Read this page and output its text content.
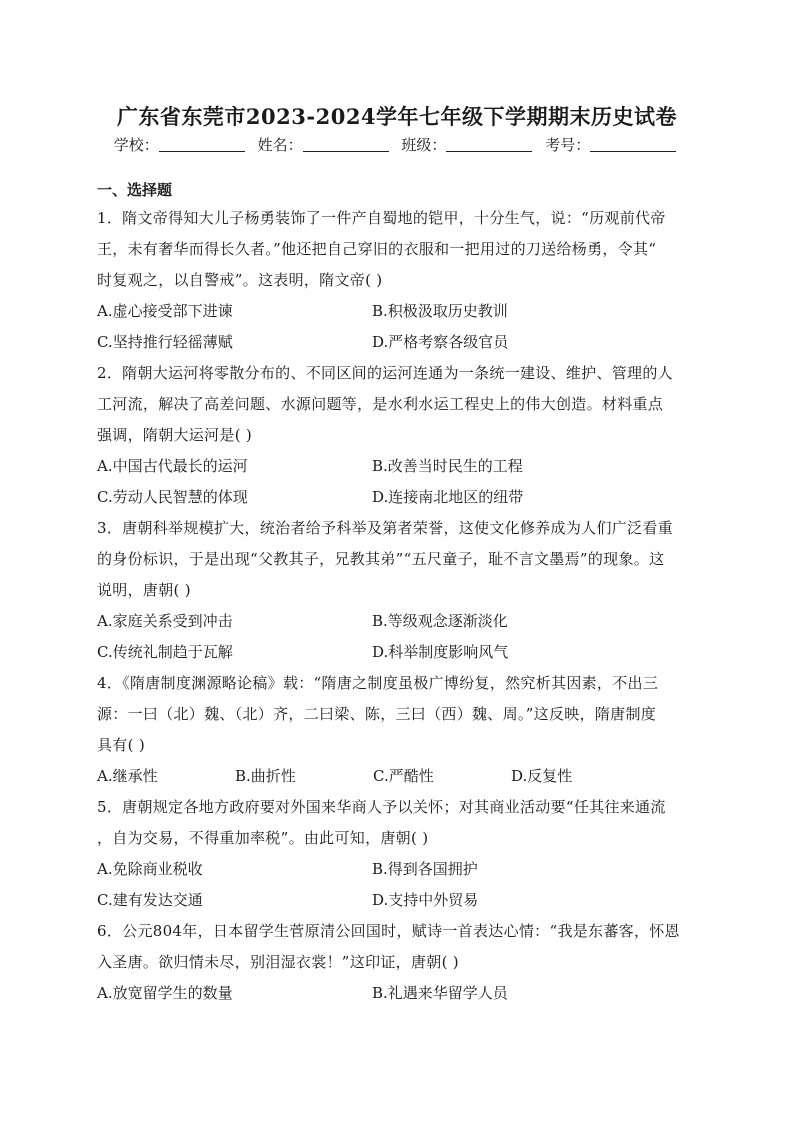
广东省东莞市2023-2024学年七年级下学期期末历史试卷
学校：	姓名：	班级：	考号：
一、选择题
1．隋文帝得知大儿子杨勇装饰了一件产自蜀地的铠甲，十分生气，说：“历观前代帝
王，未有奢华而得长久者。”他还把自己穿旧的衣服和一把用过的刀送给杨勇，令其“
时复观之，以自警戒”。这表明，隋文帝( )
A.虚心接受部下进谏	B.积极汲取历史教训
C.坚持推行轻徭薄赋	D.严格考察各级官员
2．隋朝大运河将零散分布的、不同区间的运河连通为一条统一建设、维护、管理的人
工河流，解决了高差问题、水源问题等，是水利水运工程史上的伟大创造。材料重点
强调，隋朝大运河是( )
A.中国古代最长的运河	B.改善当时民生的工程
C.劳动人民智慧的体现	D.连接南北地区的纽带
3．唐朝科举规模扩大，统治者给予科举及第者荣誉，这使文化修养成为人们广泛看重
的身份标识，于是出现“父教其子，兄教其弟”“五尺童子，耻不言文墨焉”的现象。这
说明，唐朝( )
A.家庭关系受到冲击	B.等级观念逐渐淡化
C.传统礼制趋于瓦解	D.科举制度影响风气
4．《隋唐制度渊源略论稿》载：“隋唐之制度虽极广博纷复，然究析其因素，不出三
源：一曰（北）魏、（北）齐，二曰梁、陈，三曰（西）魏、周。”这反映，隋唐制度
具有( )
A.继承性	B.曲折性	C.严酷性	D.反复性
5．唐朝规定各地方政府要对外国来华商人予以关怀；对其商业活动要“任其往来通流
，自为交易，不得重加率税”。由此可知，唐朝( )
A.免除商业税收	B.得到各国拥护
C.建有发达交通	D.支持中外贸易
6．公元804年，日本留学生菅原清公回国时，赋诗一首表达心情：“我是东蕃客，怀恩
入圣唐。欲归情未尽，别泪湿衣裳！”这印证，唐朝( )
A.放宽留学生的数量	B.礼遇来华留学人员
